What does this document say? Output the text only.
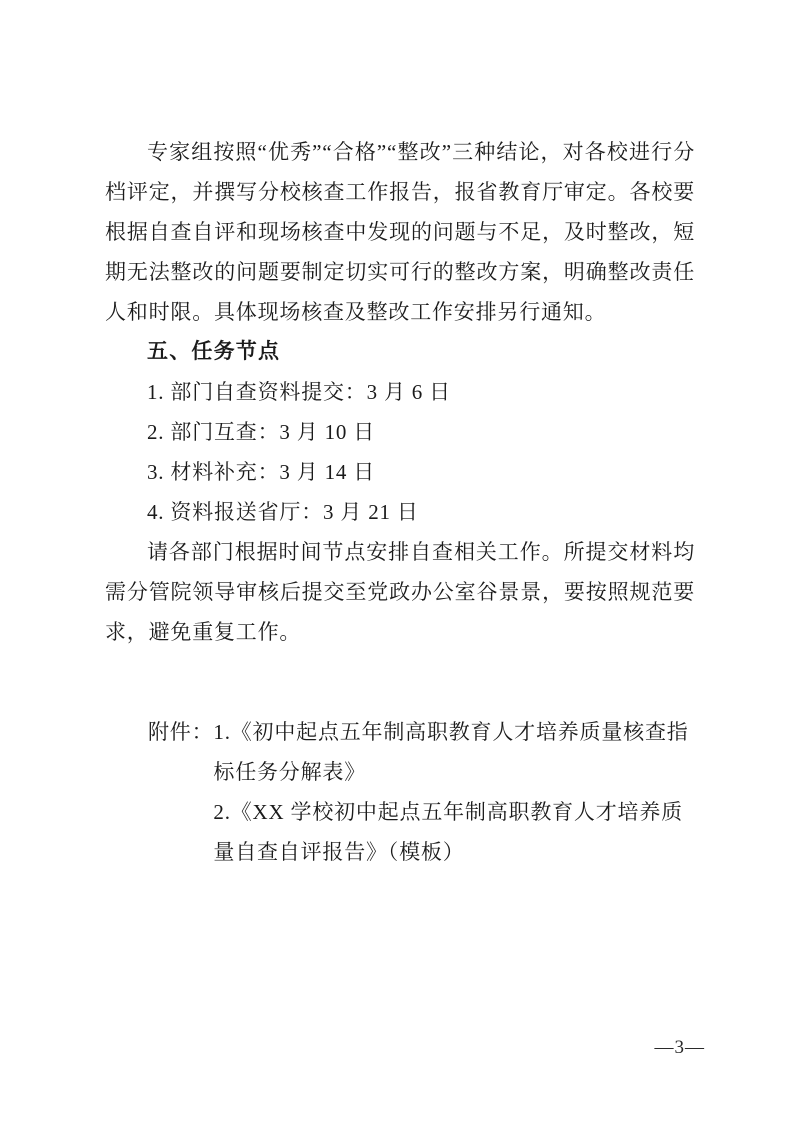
专家组按照“优秀”“合格”“整改”三种结论，对各校进行分档评定，并撰写分校核查工作报告，报省教育厅审定。各校要根据自查自评和现场核查中发现的问题与不足，及时整改，短期无法整改的问题要制定切实可行的整改方案，明确整改责任人和时限。具体现场核查及整改工作安排另行通知。

五、任务节点

1. 部门自查资料提交：3 月 6 日

2. 部门互查：3 月 10 日

3. 材料补充：3 月 14 日

4. 资料报送省厅：3 月 21 日

请各部门根据时间节点安排自查相关工作。所提交材料均需分管院领导审核后提交至党政办公室谷景景，要按照规范要求，避免重复工作。

附件： 1.《初中起点五年制高职教育人才培养质量核查指标任务分解表》

2.《XX 学校初中起点五年制高职教育人才培养质量自查自评报告》（模板）

—3—
